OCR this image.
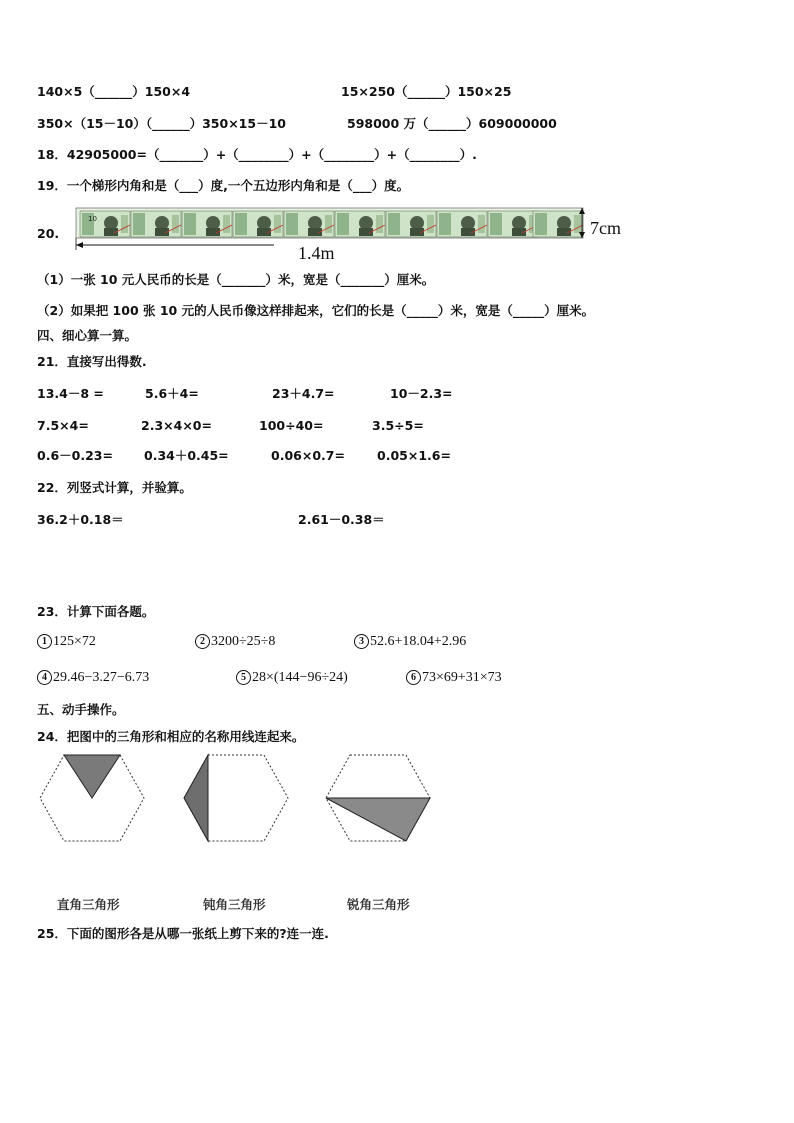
140×5（______）150×4	15×250（______）150×25
350×（15－10）（______）350×15－10	598000 万（______）609000000
18．42905000=（_______）+（________）+（________）+（________）.
19．一个梯形内角和是（___）度,一个五边形内角和是（___）度。
20.
10	7cm
1.4m
（1）一张 10 元人民币的长是（_______）米，宽是（_______）厘米。
（2）如果把 100 张 10 元的人民币像这样排起来，它们的长是（_____）米，宽是（_____）厘米。
四、细心算一算。
21．直接写出得数.
13.4－8 =	5.6＋4=	23＋4.7=	10－2.3=
7.5×4=	2.3×4×0=	100÷40=	3.5÷5=
0.6－0.23= 0.34＋0.45=	0.06×0.7=	0.05×1.6=
22．列竖式计算，并验算。
36.2＋0.18＝	2.61－0.38＝
23．计算下面各题。
1 125×72	2 3200÷25÷8	3 52.6+18.04+2.96
4 29.46−3.27−6.73	5 28×(144−96÷24)	6 73×69+31×73
五、动手操作。
24．把图中的三角形和相应的名称用线连起来。
直角三角形	钝角三角形	锐角三角形
25．下面的图形各是从哪一张纸上剪下来的?连一连.
